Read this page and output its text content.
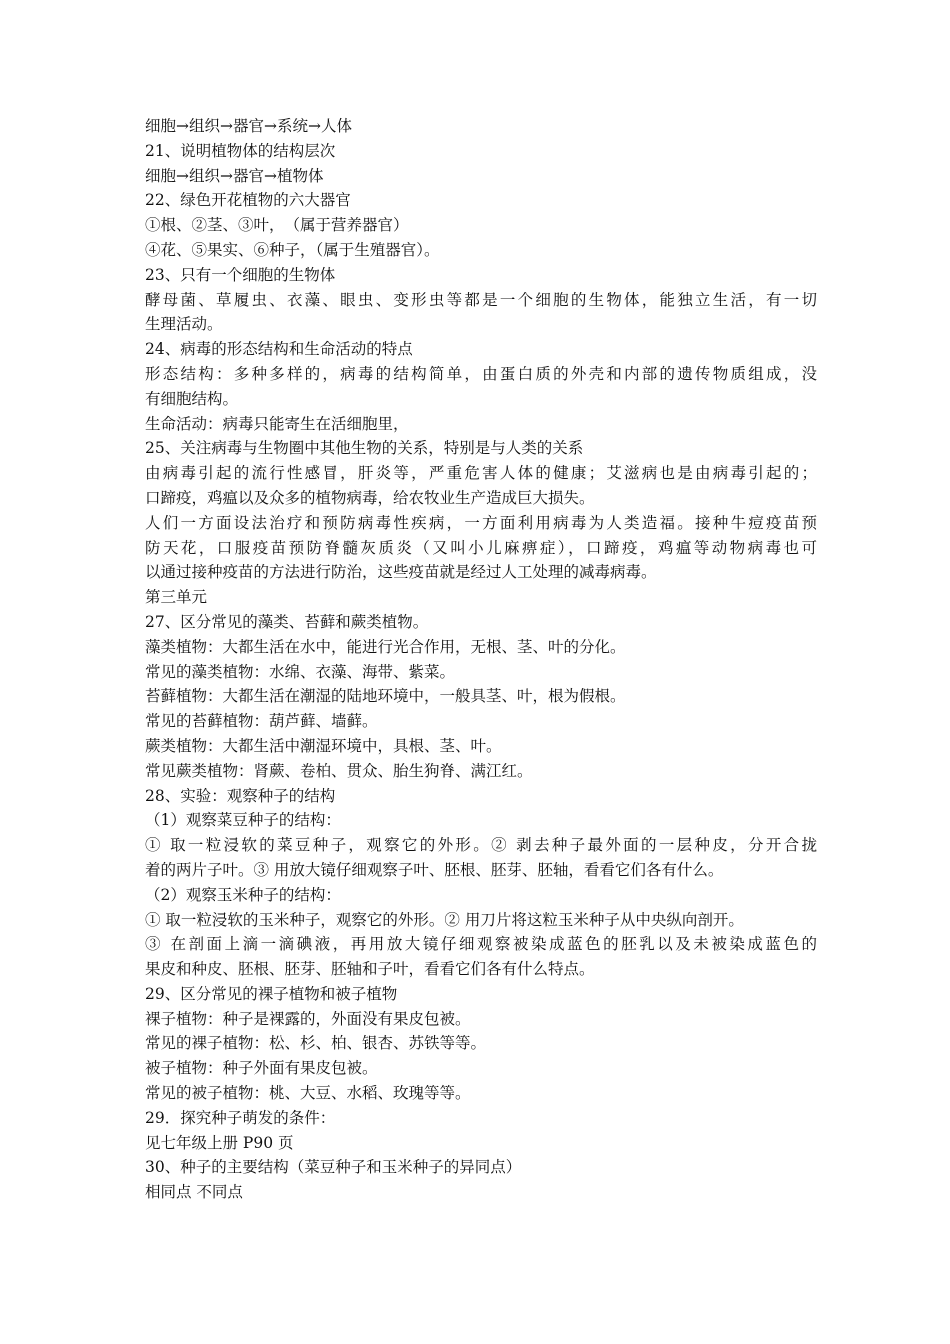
细胞→组织→器官→系统→人体
21、说明植物体的结构层次
细胞→组织→器官→植物体
22、绿色开花植物的六大器官
①根、②茎、③叶，　（属于营养器官）
④花、⑤果实、⑥种子，（属于生殖器官）。
23、只有一个细胞的生物体
酵母菌、草履虫、衣藻、眼虫、变形虫等都是一个细胞的生物体，能独立生活，有一切
生理活动。
24、病毒的形态结构和生命活动的特点
形态结构：多种多样的，病毒的结构简单，由蛋白质的外壳和内部的遗传物质组成，没
有细胞结构。
生命活动：病毒只能寄生在活细胞里，
25、关注病毒与生物圈中其他生物的关系，特别是与人类的关系
由病毒引起的流行性感冒，肝炎等，严重危害人体的健康；艾滋病也是由病毒引起的；
口蹄疫，鸡瘟以及众多的植物病毒，给农牧业生产造成巨大损失。
人们一方面设法治疗和预防病毒性疾病，一方面利用病毒为人类造福。接种牛痘疫苗预
防天花，口服疫苗预防脊髓灰质炎（又叫小儿麻痹症），口蹄疫，鸡瘟等动物病毒也可
以通过接种疫苗的方法进行防治，这些疫苗就是经过人工处理的减毒病毒。
第三单元
27、区分常见的藻类、苔藓和蕨类植物。
藻类植物：大都生活在水中，能进行光合作用，无根、茎、叶的分化。
常见的藻类植物：水绵、衣藻、海带、紫菜。
苔藓植物：大都生活在潮湿的陆地环境中，一般具茎、叶，根为假根。
常见的苔藓植物：葫芦藓、墙藓。
蕨类植物：大都生活中潮湿环境中，具根、茎、叶。
常见蕨类植物：肾蕨、卷柏、贯众、胎生狗脊、满江红。
28、实验：观察种子的结构
（1）观察菜豆种子的结构：
① 取一粒浸软的菜豆种子，观察它的外形。② 剥去种子最外面的一层种皮，分开合拢
着的两片子叶。③ 用放大镜仔细观察子叶、胚根、胚芽、胚轴，看看它们各有什么。
（2）观察玉米种子的结构：
① 取一粒浸软的玉米种子，观察它的外形。② 用刀片将这粒玉米种子从中央纵向剖开。
③ 在剖面上滴一滴碘液，再用放大镜仔细观察被染成蓝色的胚乳以及未被染成蓝色的
果皮和种皮、胚根、胚芽、胚轴和子叶，看看它们各有什么特点。
29、区分常见的裸子植物和被子植物
裸子植物：种子是裸露的，外面没有果皮包被。
常见的裸子植物：松、杉、柏、银杏、苏铁等等。
被子植物：种子外面有果皮包被。
常见的被子植物：桃、大豆、水稻、玫瑰等等。
29．探究种子萌发的条件：
见七年级上册 P90 页
30、种子的主要结构（菜豆种子和玉米种子的异同点）
相同点 不同点
